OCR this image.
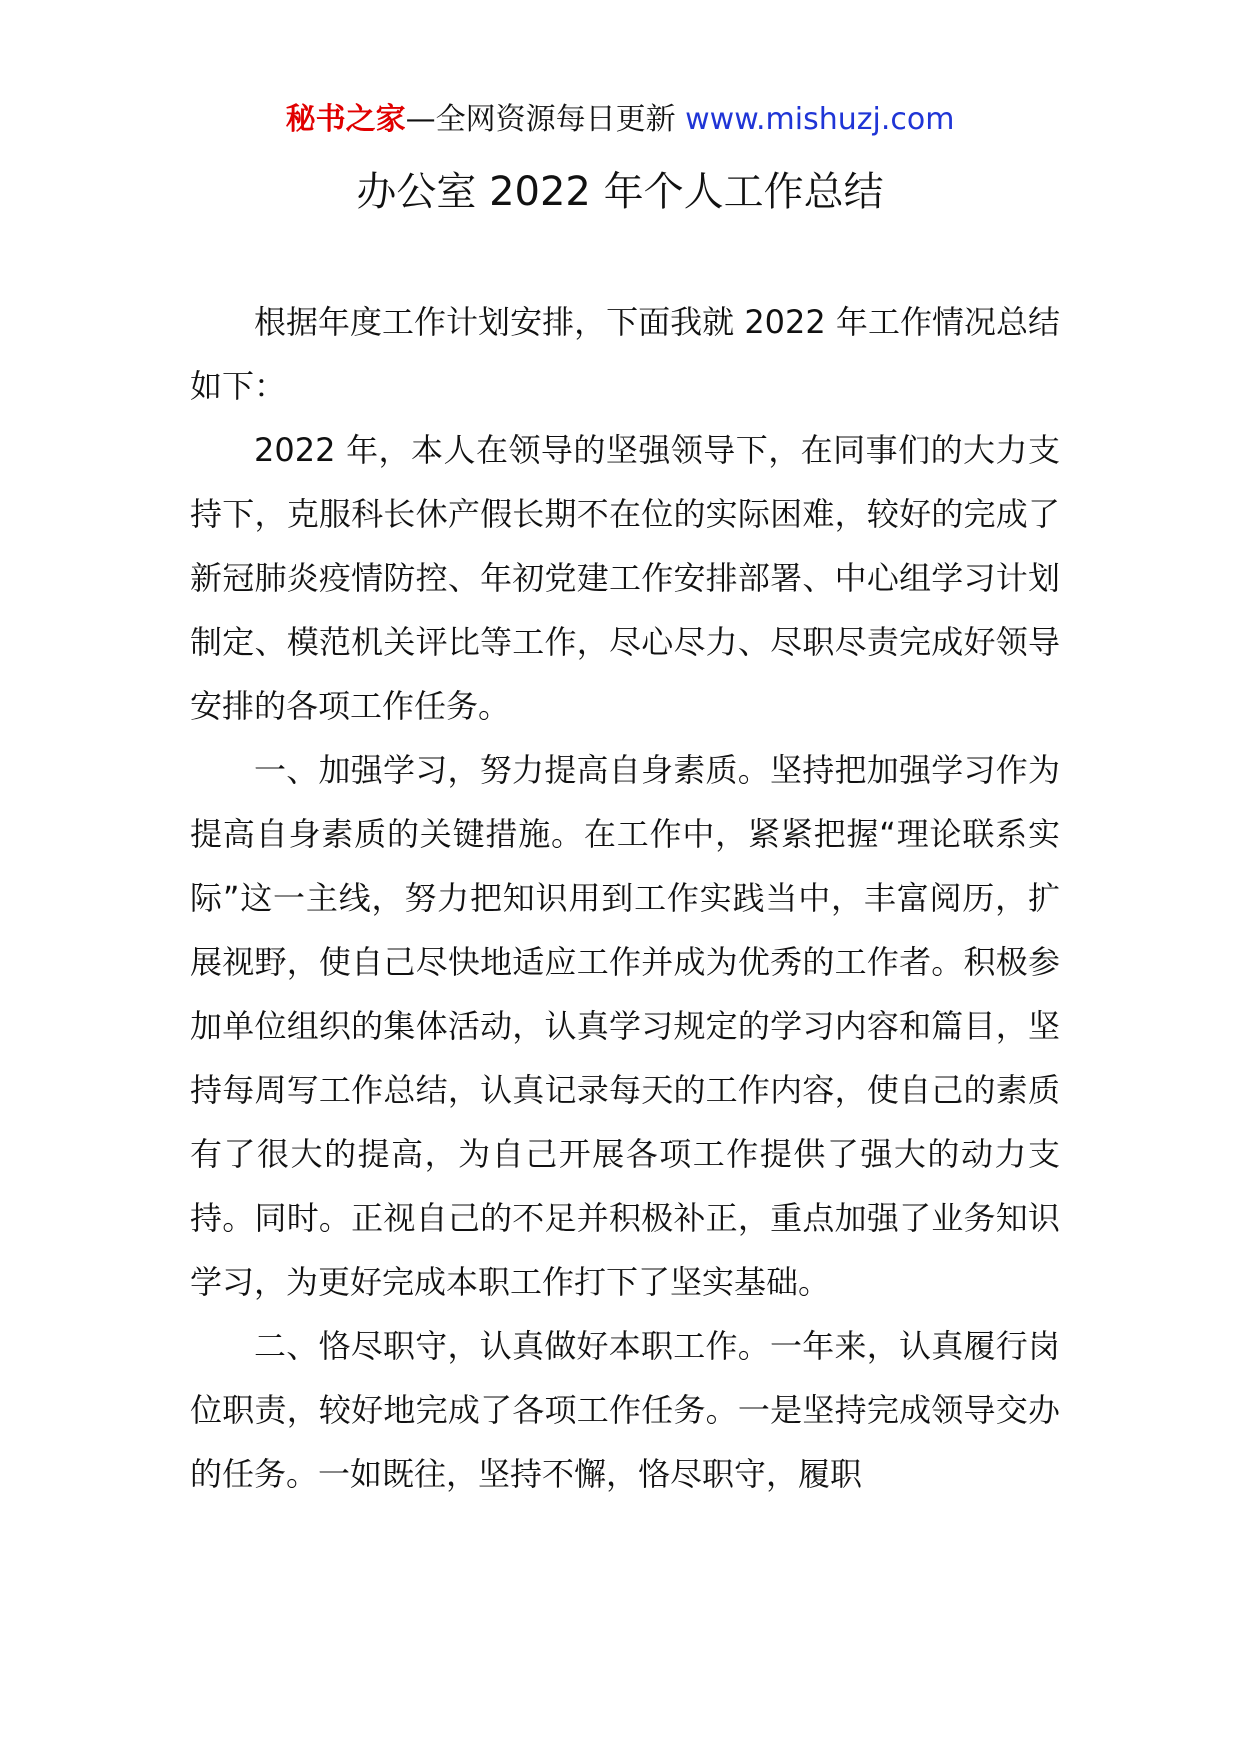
秘书之家—全网资源每日更新 www.mishuzj.com
办公室 2022 年个人工作总结

根据年度工作计划安排，下面我就 2022 年工作情况总结如下：

2022 年，本人在领导的坚强领导下，在同事们的大力支持下，克服科长休产假长期不在位的实际困难，较好的完成了新冠肺炎疫情防控、年初党建工作安排部署、中心组学习计划制定、模范机关评比等工作，尽心尽力、尽职尽责完成好领导安排的各项工作任务。

一、加强学习，努力提高自身素质。坚持把加强学习作为提高自身素质的关键措施。在工作中，紧紧把握“理论联系实际”这一主线，努力把知识用到工作实践当中，丰富阅历，扩展视野，使自己尽快地适应工作并成为优秀的工作者。积极参加单位组织的集体活动，认真学习规定的学习内容和篇目，坚持每周写工作总结，认真记录每天的工作内容，使自己的素质有了很大的提高，为自己开展各项工作提供了强大的动力支持。同时。正视自己的不足并积极补正，重点加强了业务知识学习，为更好完成本职工作打下了坚实基础。

二、恪尽职守，认真做好本职工作。一年来，认真履行岗位职责，较好地完成了各项工作任务。一是坚持完成领导交办的任务。一如既往，坚持不懈，恪尽职守，履职
